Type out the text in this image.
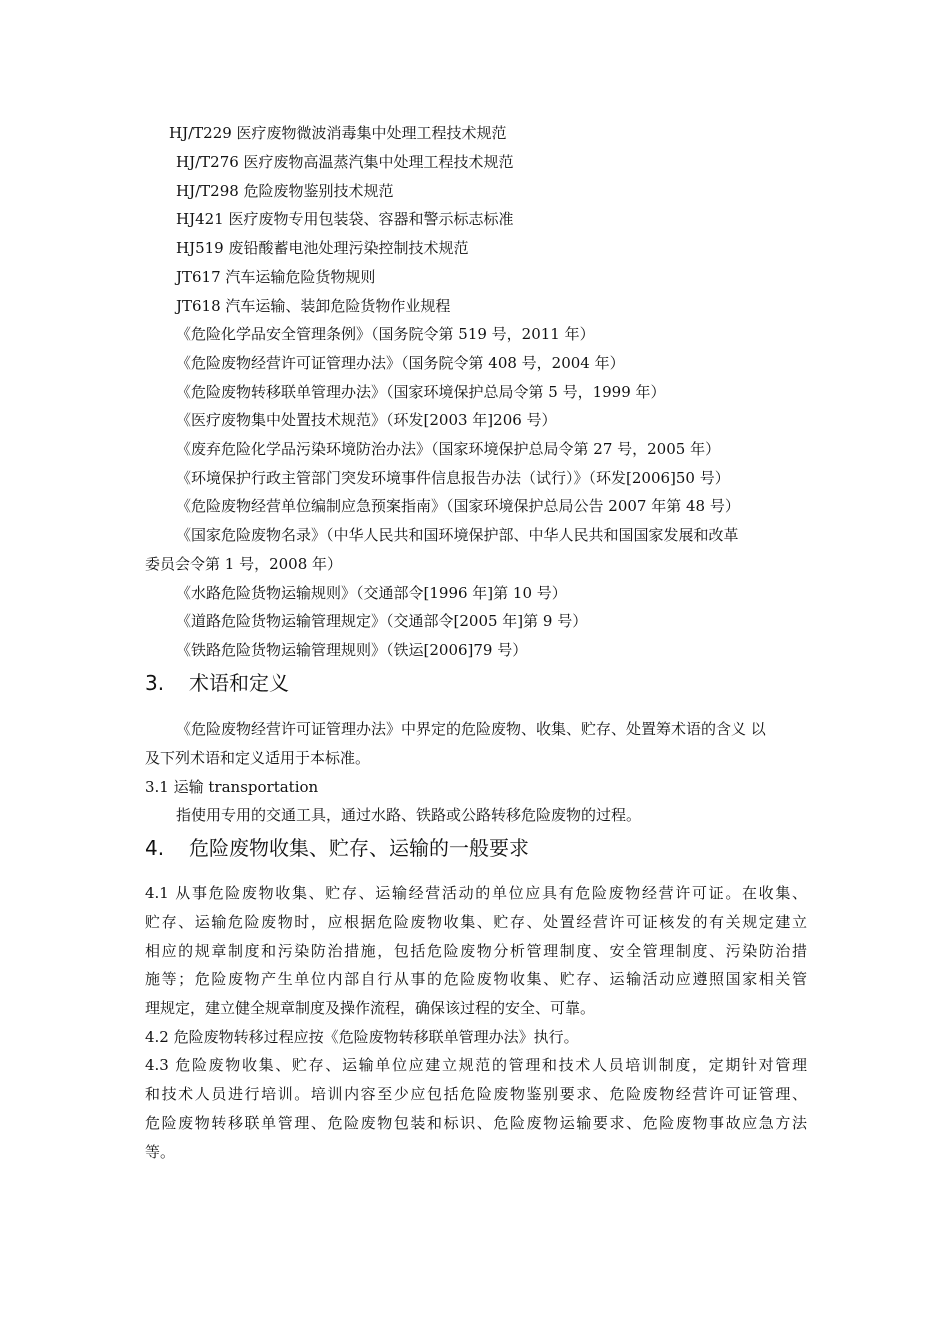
HJ/T229 医疗废物微波消毒集中处理工程技术规范
HJ/T276 医疗废物高温蒸汽集中处理工程技术规范
HJ/T298 危险废物鉴别技术规范
HJ421 医疗废物专用包装袋、容器和警示标志标准
HJ519 废铅酸蓄电池处理污染控制技术规范
JT617 汽车运输危险货物规则
JT618 汽车运输、装卸危险货物作业规程
《危险化学品安全管理条例》（国务院令第 519 号，2011 年）
《危险废物经营许可证管理办法》（国务院令第 408 号，2004 年）
《危险废物转移联单管理办法》（国家环境保护总局令第 5 号，1999 年）
《医疗废物集中处置技术规范》（环发[2003 年]206 号）
《废弃危险化学品污染环境防治办法》（国家环境保护总局令第 27 号，2005 年）
《环境保护行政主管部门突发环境事件信息报告办法（试行）》（环发[2006]50 号）
《危险废物经营单位编制应急预案指南》（国家环境保护总局公告 2007 年第 48 号）
《国家危险废物名录》（中华人民共和国环境保护部、中华人民共和国国家发展和改革
委员会令第 1 号，2008 年）
《水路危险货物运输规则》（交通部令[1996 年]第 10 号）
《道路危险货物运输管理规定》（交通部令[2005 年]第 9 号）
《铁路危险货物运输管理规则》（铁运[2006]79 号）
3. 术语和定义
《危险废物经营许可证管理办法》中界定的危险废物、收集、贮存、处置筹术语的含义 以
及下列术语和定义适用于本标准。
3.1 运输 transportation
指使用专用的交通工具，通过水路、铁路或公路转移危险废物的过程。
4. 危险废物收集、贮存、运输的一般要求
4.1 从事危险废物收集、贮存、运输经营活动的单位应具有危险废物经营许可证。在收集、
贮存、运输危险废物时，应根据危险废物收集、贮存、处置经营许可证核发的有关规定建立
相应的规章制度和污染防治措施，包括危险废物分析管理制度、安全管理制度、污染防治措
施等；危险废物产生单位内部自行从事的危险废物收集、贮存、运输活动应遵照国家相关管
理规定，建立健全规章制度及操作流程，确保该过程的安全、可靠。
4.2 危险废物转移过程应按《危险废物转移联单管理办法》执行。
4.3 危险废物收集、贮存、运输单位应建立规范的管理和技术人员培训制度，定期针对管理
和技术人员进行培训。培训内容至少应包括危险废物鉴别要求、危险废物经营许可证管理、
危险废物转移联单管理、危险废物包装和标识、危险废物运输要求、危险废物事故应急方法
等。
